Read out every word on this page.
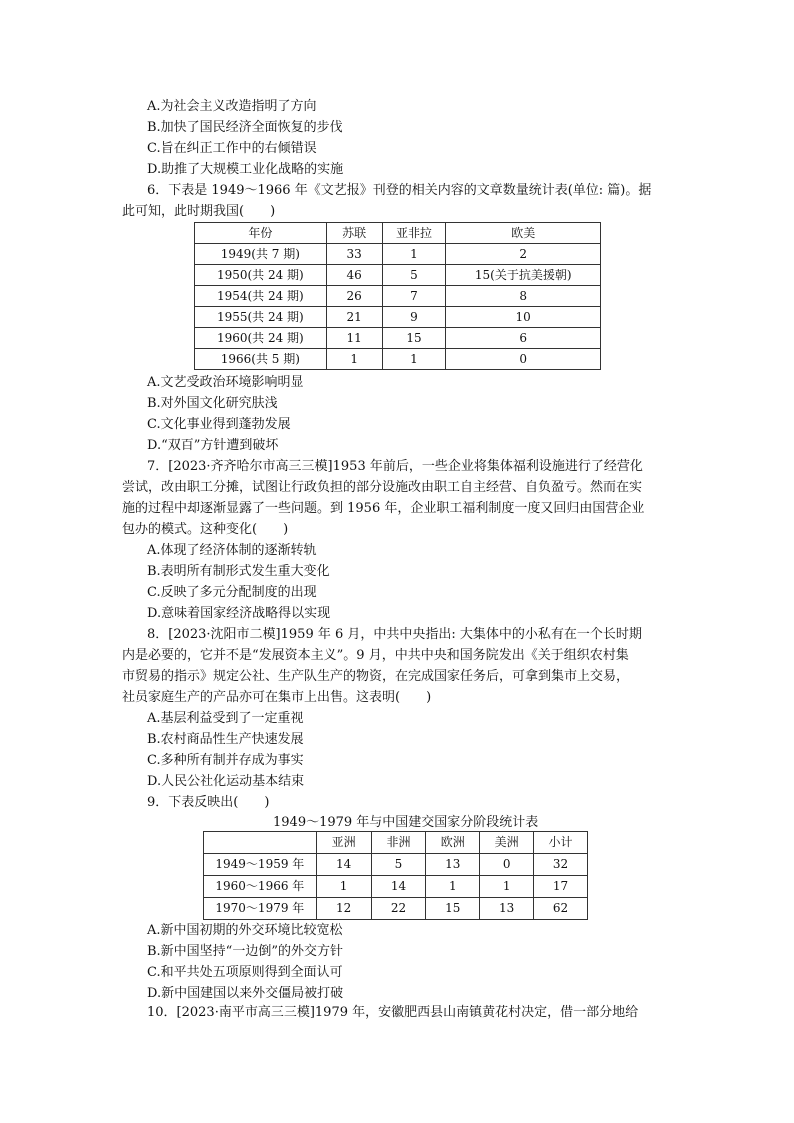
A.为社会主义改造指明了方向
B.加快了国民经济全面恢复的步伐
C.旨在纠正工作中的右倾错误
D.助推了大规模工业化战略的实施
6．下表是 1949～1966 年《文艺报》刊登的相关内容的文章数量统计表(单位: 篇)。据
此可知，此时期我国(　　)
年份	苏联	亚非拉	欧美
1949(共 7 期)	33	1	2
1950(共 24 期)	46	5	15(关于抗美援朝)
1954(共 24 期)	26	7	8
1955(共 24 期)	21	9	10
1960(共 24 期)	11	15	6
1966(共 5 期)	1	1	0
A.文艺受政治环境影响明显
B.对外国文化研究肤浅
C.文化事业得到蓬勃发展
D.“双百”方针遭到破坏
7．[2023·齐齐哈尔市高三三模]1953 年前后，一些企业将集体福利设施进行了经营化
尝试，改由职工分摊，试图让行政负担的部分设施改由职工自主经营、自负盈亏。然而在实
施的过程中却逐渐显露了一些问题。到 1956 年，企业职工福利制度一度又回归由国营企业
包办的模式。这种变化(　　)
A.体现了经济体制的逐渐转轨
B.表明所有制形式发生重大变化
C.反映了多元分配制度的出现
D.意味着国家经济战略得以实现
8．[2023·沈阳市二模]1959 年 6 月，中共中央指出: 大集体中的小私有在一个长时期
内是必要的，它并不是“发展资本主义”。9 月，中共中央和国务院发出《关于组织农村集
市贸易的指示》规定公社、生产队生产的物资，在完成国家任务后，可拿到集市上交易，
社员家庭生产的产品亦可在集市上出售。这表明(　　)
A.基层利益受到了一定重视
B.农村商品性生产快速发展
C.多种所有制并存成为事实
D.人民公社化运动基本结束
9．下表反映出(　　)
1949～1979 年与中国建交国家分阶段统计表
	亚洲	非洲	欧洲	美洲	小计
1949～1959 年	14	5	13	0	32
1960～1966 年	1	14	1	1	17
1970～1979 年	12	22	15	13	62
A.新中国初期的外交环境比较宽松
B.新中国坚持“一边倒”的外交方针
C.和平共处五项原则得到全面认可
D.新中国建国以来外交僵局被打破
10．[2023·南平市高三三模]1979 年，安徽肥西县山南镇黄花村决定，借一部分地给
